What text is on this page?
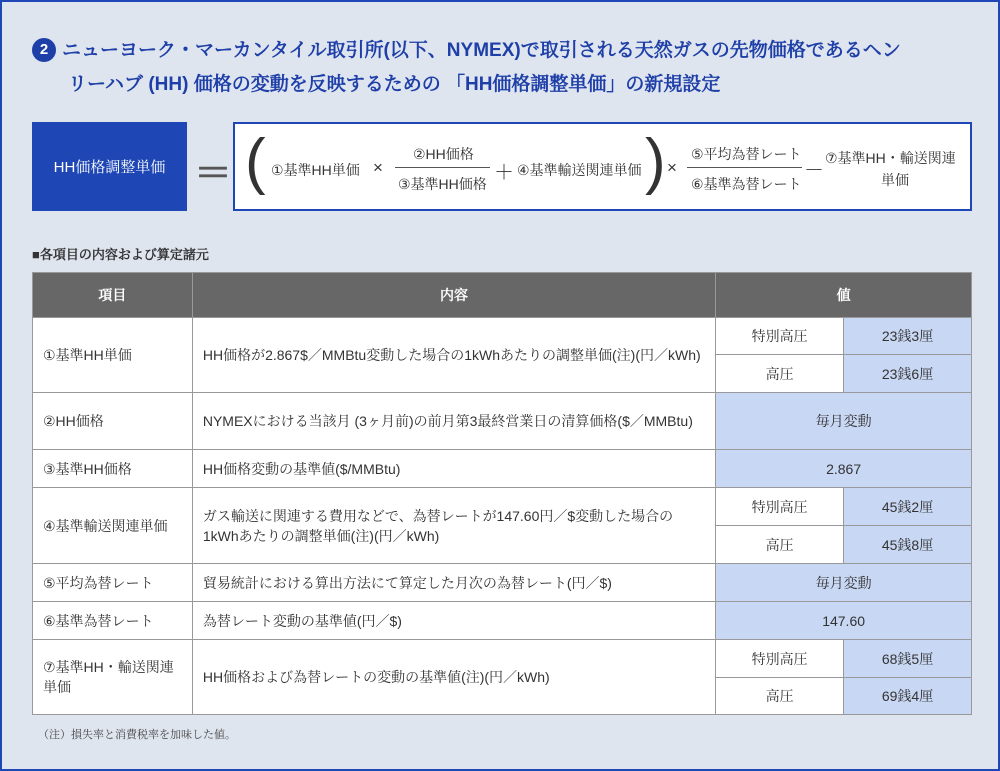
2 ニューヨーク・マーカンタイル取引所(以下、NYMEX)で取引される天然ガスの先物価格であるヘン
リーハブ (HH) 価格の変動を反映するための 「HH価格調整単価」の新規設定
HH価格調整単価 ＝ ( ①基準HH単価 ×
②HH価格
③基準HH価格 ＋ ④基準輸送関連単価 ) ×
⑤平均為替レート
⑥基準為替レート
－
⑦基準HH・輸送関連
単価
■各項目の内容および算定諸元
項目	内容	値	
①基準HH単価	HH価格が2.867$／MMBtu変動した場合の1kWhあたりの調整単価(注)(円／kWh)	特別高圧	23銭3厘
		高圧	23銭6厘
②HH価格	NYMEXにおける当該月 (3ヶ月前)の前月第3最終営業日の清算価格($／MMBtu)	毎月変動	
③基準HH価格	HH価格変動の基準値($/MMBtu)	2.867	
④基準輸送関連単価	ガス輸送に関連する費用などで、為替レートが147.60円／$変動した場合の1kWhあたりの調整単価(注)(円／kWh)	特別高圧	45銭2厘
		高圧	45銭8厘
⑤平均為替レート	貿易統計における算出方法にて算定した月次の為替レート(円／$)	毎月変動	
⑥基準為替レート	為替レート変動の基準値(円／$)	147.60	
⑦基準HH・輸送関連単価	HH価格および為替レートの変動の基準値(注)(円／kWh)	特別高圧	68銭5厘
		高圧	69銭4厘
（注）損失率と消費税率を加味した値。
